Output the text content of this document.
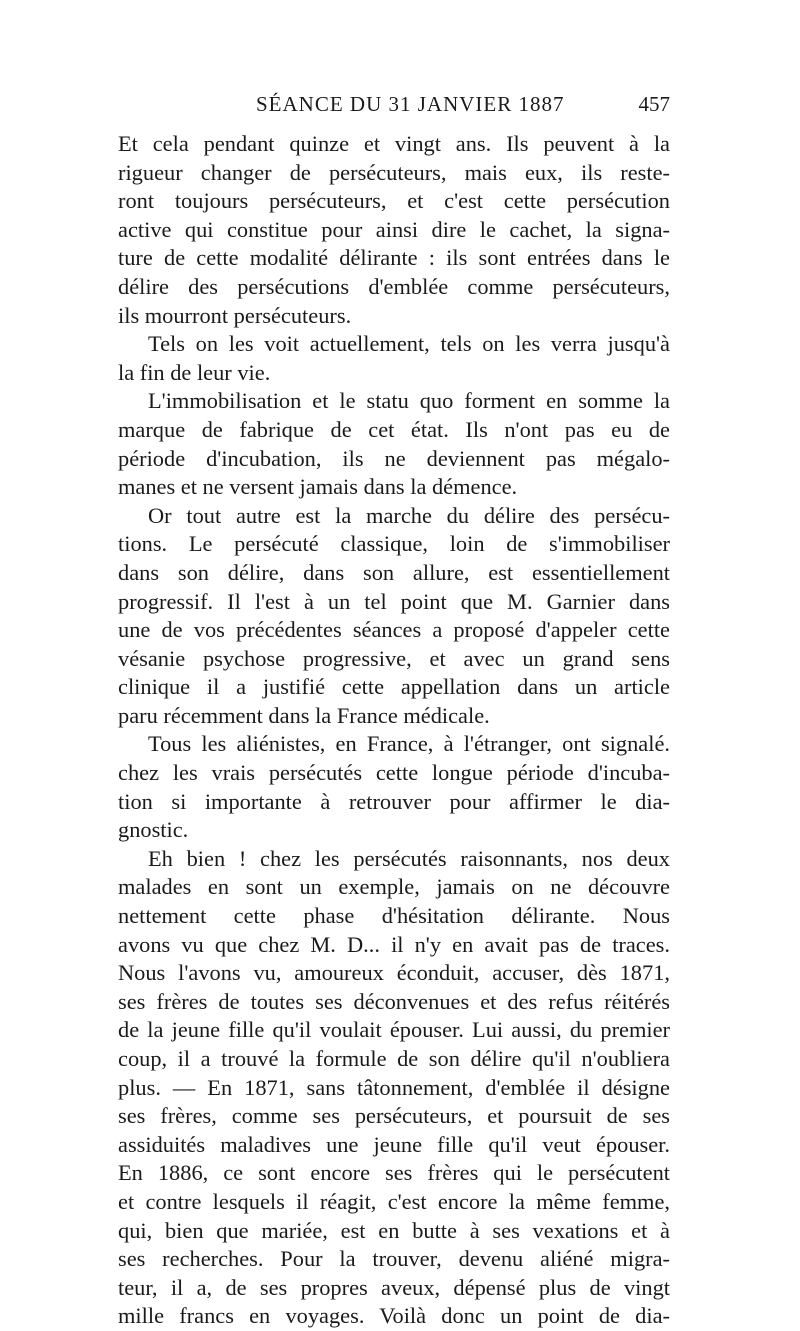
SÉANCE DU 31 JANVIER 1887	457
Et cela pendant quinze et vingt ans. Ils peuvent à la
rigueur changer de persécuteurs, mais eux, ils reste-
ront toujours persécuteurs, et c'est cette persécution
active qui constitue pour ainsi dire le cachet, la signa-
ture de cette modalité délirante : ils sont entrées dans le
délire des persécutions d'emblée comme persécuteurs,
ils mourront persécuteurs.
Tels on les voit actuellement, tels on les verra jusqu'à
la fin de leur vie.
L'immobilisation et le statu quo forment en somme la
marque de fabrique de cet état. Ils n'ont pas eu de
période d'incubation, ils ne deviennent pas mégalo-
manes et ne versent jamais dans la démence.
Or tout autre est la marche du délire des persécu-
tions. Le persécuté classique, loin de s'immobiliser
dans son délire, dans son allure, est essentiellement
progressif. Il l'est à un tel point que M. Garnier dans
une de vos précédentes séances a proposé d'appeler cette
vésanie psychose progressive, et avec un grand sens
clinique il a justifié cette appellation dans un article
paru récemment dans la France médicale.
Tous les aliénistes, en France, à l'étranger, ont signalé.
chez les vrais persécutés cette longue période d'incuba-
tion si importante à retrouver pour affirmer le dia-
gnostic.
Eh bien ! chez les persécutés raisonnants, nos deux
malades en sont un exemple, jamais on ne découvre
nettement cette phase d'hésitation délirante. Nous
avons vu que chez M. D... il n'y en avait pas de traces.
Nous l'avons vu, amoureux éconduit, accuser, dès 1871,
ses frères de toutes ses déconvenues et des refus réitérés
de la jeune fille qu'il voulait épouser. Lui aussi, du premier
coup, il a trouvé la formule de son délire qu'il n'oubliera
plus. — En 1871, sans tâtonnement, d'emblée il désigne
ses frères, comme ses persécuteurs, et poursuit de ses
assiduités maladives une jeune fille qu'il veut épouser.
En 1886, ce sont encore ses frères qui le persécutent
et contre lesquels il réagit, c'est encore la même femme,
qui, bien que mariée, est en butte à ses vexations et à
ses recherches. Pour la trouver, devenu aliéné migra-
teur, il a, de ses propres aveux, dépensé plus de vingt
mille francs en voyages. Voilà donc un point de dia-
